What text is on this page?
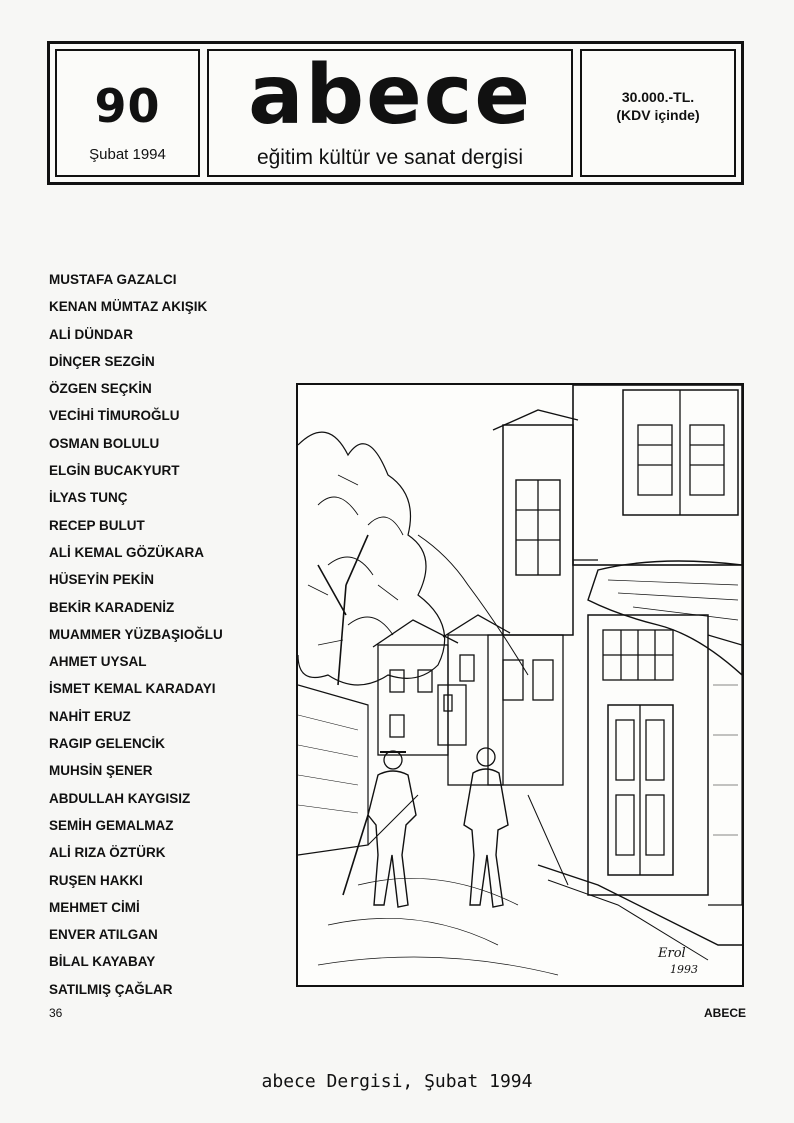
90
Şubat 1994
abece
eğitim kültür ve sanat dergisi
30.000.-TL.
(KDV içinde)
MUSTAFA GAZALCI
KENAN MÜMTAZ AKIŞIK
ALİ DÜNDAR
DİNÇER SEZGİN
ÖZGEN SEÇKİN
VECİHİ TİMUROĞLU
OSMAN BOLULU
ELGİN BUCAKYURT
İLYAS TUNÇ
RECEP BULUT
ALİ KEMAL GÖZÜKARA
HÜSEYİN PEKİN
BEKİR KARADENİZ
MUAMMER YÜZBAŞIOĞLU
AHMET UYSAL
İSMET KEMAL KARADAYI
NAHİT ERUZ
RAGIP GELENCİK
MUHSİN ŞENER
ABDULLAH KAYGISIZ
SEMİH GEMALMAZ
ALİ RIZA ÖZTÜRK
RUŞEN HAKKI
MEHMET CİMİ
ENVER ATILGAN
BİLAL KAYABAY
SATILMIŞ ÇAĞLAR
Erol
1993
36	ABECE
abece Dergisi, Şubat 1994
